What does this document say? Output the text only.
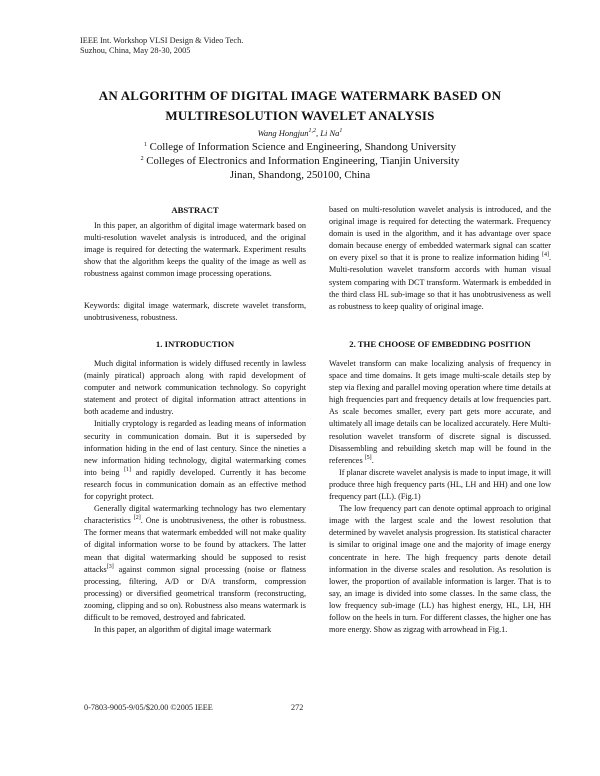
IEEE Int. Workshop VLSI Design & Video Tech.
Suzhou, China, May 28-30, 2005
AN ALGORITHM OF DIGITAL IMAGE WATERMARK BASED ON
MULTIRESOLUTION WAVELET ANALYSIS
Wang Hongjun$^{1,2}$, Li Na$^1$
$^1$ College of Information Science and Engineering, Shandong University
$^2$ Colleges of Electronics and Information Engineering, Tianjin University
Jinan, Shandong, 250100, China
ABSTRACT

In this paper, an algorithm of digital image watermark based on multi-resolution wavelet analysis is introduced, and the original image is required for detecting the watermark. Experiment results show that the algorithm keeps the quality of the image as well as robustness against common image processing operations.

Keywords: digital image watermark, discrete wavelet transform, unobtrusiveness, robustness.

1. INTRODUCTION

Much digital information is widely diffused recently in lawless (mainly piratical) approach along with rapid development of computer and network communication technology. So copyright statement and protect of digital information attract attentions in both academe and industry.

Initially cryptology is regarded as leading means of information security in communication domain. But it is superseded by information hiding in the end of last century. Since the nineties a new information hiding technology, digital watermarking comes into being [1] and rapidly developed. Currently it has become research focus in communication domain as an effective method for copyright protect.

Generally digital watermarking technology has two elementary characteristics [2]. One is unobtrusiveness, the other is robustness. The former means that watermark embedded will not make quality of digital information worse to be found by attackers. The latter mean that digital watermarking should be supposed to resist attacks[3] against common signal processing (noise or flatness processing, filtering, A/D or D/A transform, compression processing) or diversified geometrical transform (reconstructing, zooming, clipping and so on). Robustness also means watermark is difficult to be removed, destroyed and fabricated.

In this paper, an algorithm of digital image watermark

based on multi-resolution wavelet analysis is introduced, and the original image is required for detecting the watermark. Frequency domain is used in the algorithm, and it has advantage over space domain because energy of embedded watermark signal can scatter on every pixel so that it is prone to realize information hiding [4]. Multi-resolution wavelet transform accords with human visual system comparing with DCT transform. Watermark is embedded in the third class HL sub-image so that it has unobtrusiveness as well as robustness to keep quality of original image.

2. THE CHOOSE OF EMBEDDING POSITION

Wavelet transform can make localizing analysis of frequency in space and time domains. It gets image multi-scale details step by step via flexing and parallel moving operation where time details at high frequencies part and frequency details at low frequencies part. As scale becomes smaller, every part gets more accurate, and ultimately all image details can be localized accurately. Here Multi-resolution wavelet transform of discrete signal is discussed. Disassembling and rebuilding sketch map will be found in the references [5].

If planar discrete wavelet analysis is made to input image, it will produce three high frequency parts (HL, LH and HH) and one low frequency part (LL). (Fig.1)

The low frequency part can denote optimal approach to original image with the largest scale and the lowest resolution that determined by wavelet analysis progression. Its statistical character is similar to original image one and the majority of image energy concentrate in here. The high frequency parts denote detail information in the diverse scales and resolution. As resolution is lower, the proportion of available information is larger. That is to say, an image is divided into some classes. In the same class, the low frequency sub-image (LL) has highest energy, HL, LH, HH follow on the heels in turn. For different classes, the higher one has more energy. Show as zigzag with arrowhead in Fig.1.

0-7803-9005-9/05/$20.00 ©2005 IEEE	272
